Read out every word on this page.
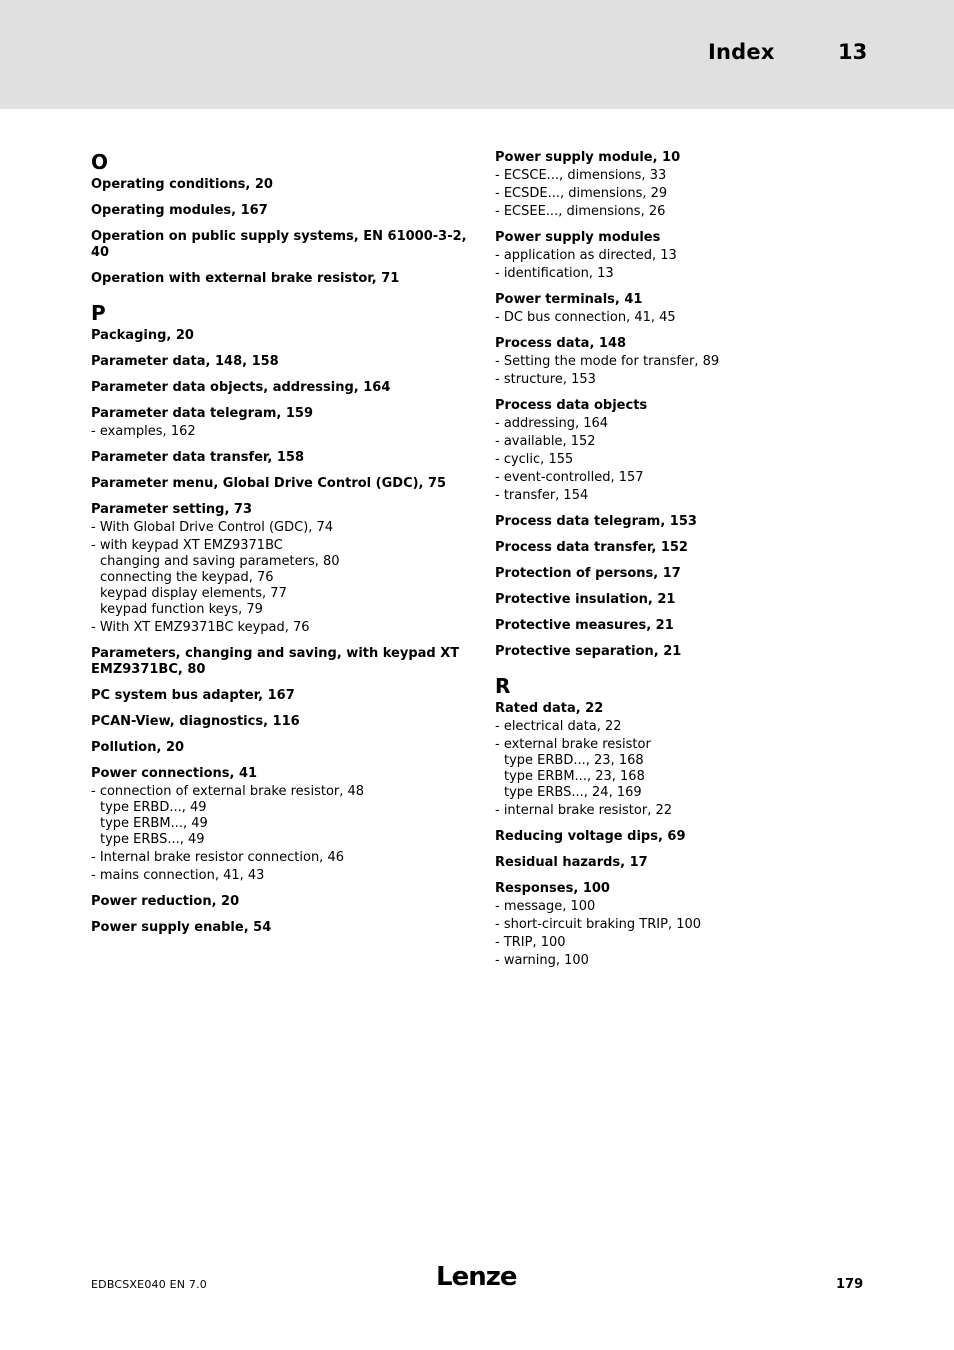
Index	13
O
Operating conditions, 20
Operating modules, 167
Operation on public supply systems, EN 61000-3-2, 40
Operation with external brake resistor, 71
P
Packaging, 20
Parameter data, 148, 158
Parameter data objects, addressing, 164
Parameter data telegram, 159
- examples, 162
Parameter data transfer, 158
Parameter menu, Global Drive Control (GDC), 75
Parameter setting, 73
- With Global Drive Control (GDC), 74
- with keypad XT EMZ9371BC
changing and saving parameters, 80
connecting the keypad, 76
keypad display elements, 77
keypad function keys, 79
- With XT EMZ9371BC keypad, 76
Parameters, changing and saving, with keypad XT
EMZ9371BC, 80
PC system bus adapter, 167
PCAN-View, diagnostics, 116
Pollution, 20
Power connections, 41
- connection of external brake resistor, 48
type ERBD..., 49
type ERBM..., 49
type ERBS..., 49
- Internal brake resistor connection, 46
- mains connection, 41, 43
Power reduction, 20
Power supply enable, 54
Power supply module, 10
- ECSCE..., dimensions, 33
- ECSDE..., dimensions, 29
- ECSEE..., dimensions, 26
Power supply modules
- application as directed, 13
- identification, 13
Power terminals, 41
- DC bus connection, 41, 45
Process data, 148
- Setting the mode for transfer, 89
- structure, 153
Process data objects
- addressing, 164
- available, 152
- cyclic, 155
- event-controlled, 157
- transfer, 154
Process data telegram, 153
Process data transfer, 152
Protection of persons, 17
Protective insulation, 21
Protective measures, 21
Protective separation, 21
R
Rated data, 22
- electrical data, 22
- external brake resistor
type ERBD..., 23, 168
type ERBM..., 23, 168
type ERBS..., 24, 169
- internal brake resistor, 22
Reducing voltage dips, 69
Residual hazards, 17
Responses, 100
- message, 100
- short-circuit braking TRIP, 100
- TRIP, 100
- warning, 100
EDBCSXE040 EN 7.0	Lenze	179
